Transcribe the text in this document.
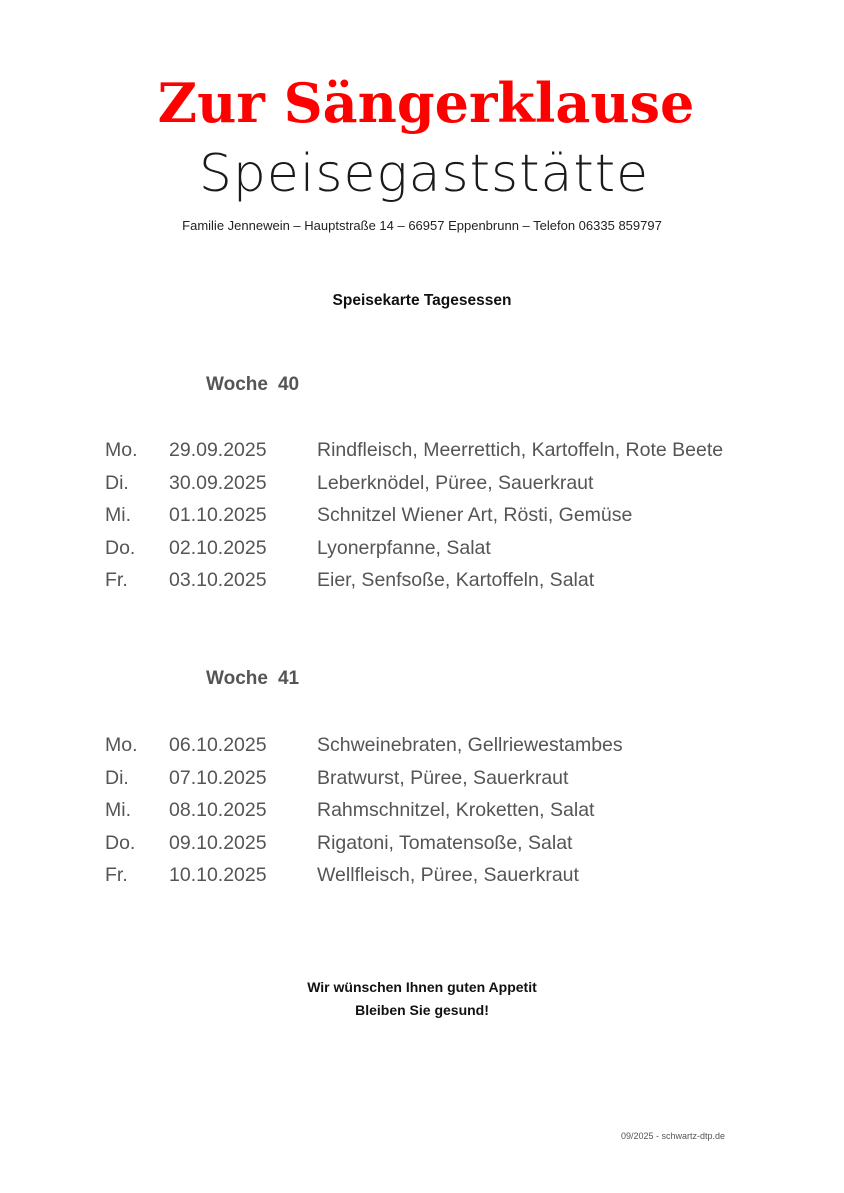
Zur Sängerklause
Speisegaststätte
Familie Jennewein – Hauptstraße 14 – 66957 Eppenbrunn – Telefon 06335 859797
Speisekarte Tagesessen
Woche 40
Mo. 29.09.2025	Rindfleisch, Meerrettich, Kartoffeln, Rote Beete
Di. 30.09.2025	Leberknödel, Püree, Sauerkraut
Mi. 01.10.2025	Schnitzel Wiener Art, Rösti, Gemüse
Do. 02.10.2025	Lyonerpfanne, Salat
Fr. 03.10.2025	Eier, Senfsoße, Kartoffeln, Salat
Woche 41
Mo. 06.10.2025	Schweinebraten, Gellriewestambes
Di. 07.10.2025	Bratwurst, Püree, Sauerkraut
Mi. 08.10.2025	Rahmschnitzel, Kroketten, Salat
Do. 09.10.2025	Rigatoni, Tomatensoße, Salat
Fr. 10.10.2025	Wellfleisch, Püree, Sauerkraut
Wir wünschen Ihnen guten Appetit
Bleiben Sie gesund!
09/2025 - schwartz-dtp.de
